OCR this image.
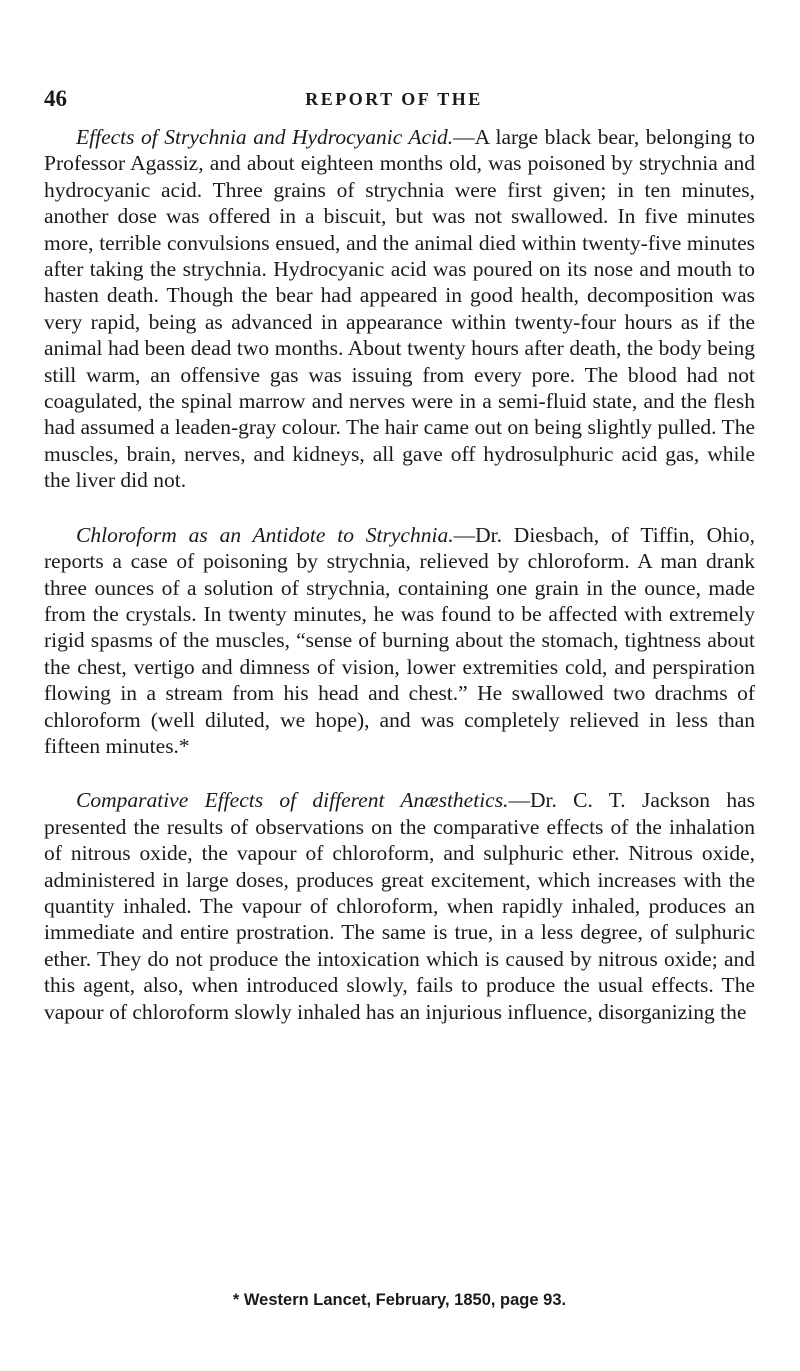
46	REPORT OF THE

Effects of Strychnia and Hydrocyanic Acid.—A large black bear, belonging to Professor Agassiz, and about eighteen months old, was poisoned by strychnia and hydrocyanic acid. Three grains of strychnia were first given; in ten minutes, another dose was offered in a biscuit, but was not swallowed. In five minutes more, terrible convulsions ensued, and the animal died within twenty-five minutes after taking the strychnia. Hydrocyanic acid was poured on its nose and mouth to hasten death. Though the bear had appeared in good health, decomposition was very rapid, being as advanced in appearance within twenty-four hours as if the animal had been dead two months. About twenty hours after death, the body being still warm, an offensive gas was issuing from every pore. The blood had not coagulated, the spinal marrow and nerves were in a semi-fluid state, and the flesh had assumed a leaden-gray colour. The hair came out on being slightly pulled. The muscles, brain, nerves, and kidneys, all gave off hydrosulphuric acid gas, while the liver did not.

Chloroform as an Antidote to Strychnia.—Dr. Diesbach, of Tiffin, Ohio, reports a case of poisoning by strychnia, relieved by chloroform. A man drank three ounces of a solution of strychnia, containing one grain in the ounce, made from the crystals. In twenty minutes, he was found to be affected with extremely rigid spasms of the muscles, “sense of burning about the stomach, tightness about the chest, vertigo and dimness of vision, lower extremities cold, and perspiration flowing in a stream from his head and chest.” He swallowed two drachms of chloroform (well diluted, we hope), and was completely relieved in less than fifteen minutes.*

Comparative Effects of different Anæsthetics.—Dr. C. T. Jackson has presented the results of observations on the comparative effects of the inhalation of nitrous oxide, the vapour of chloroform, and sulphuric ether. Nitrous oxide, administered in large doses, produces great excitement, which increases with the quantity inhaled. The vapour of chloroform, when rapidly inhaled, produces an immediate and entire prostration. The same is true, in a less degree, of sulphuric ether. They do not produce the intoxication which is caused by nitrous oxide; and this agent, also, when introduced slowly, fails to produce the usual effects. The vapour of chloroform slowly inhaled has an injurious influence, disorganizing the

* Western Lancet, February, 1850, page 93.
